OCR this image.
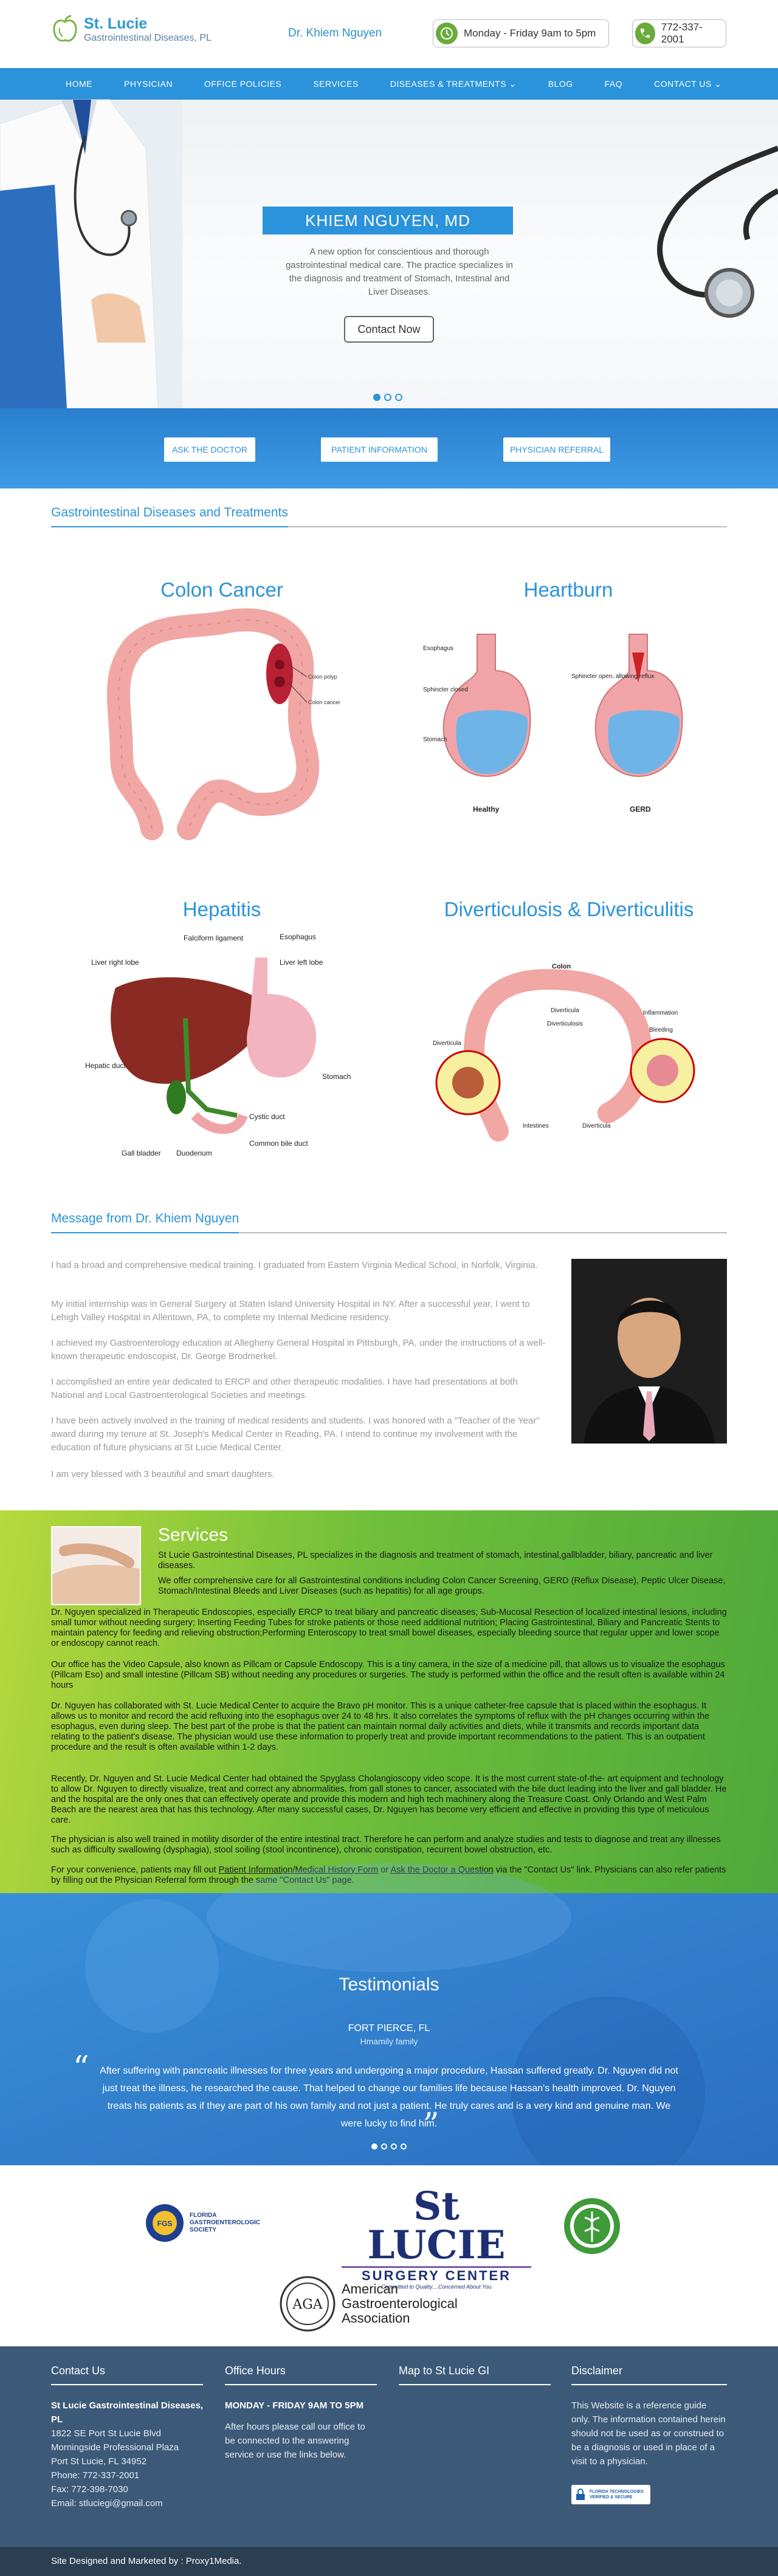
St. Lucie
Gastrointestinal Diseases, PL	Dr. Khiem Nguyen	Monday - Friday 9am to 5pm
772-337-2001
HOME	PHYSICIAN	OFFICE POLICIES	SERVICES	DISEASES & TREATMENTS ⌄	BLOG	FAQ	CONTACT US ⌄
KHIEM NGUYEN, MD
A new option for conscientious and thorough gastrointestinal medical care. The practice specializes in the diagnosis and treatment of Stomach, Intestinal and Liver Diseases.
Contact Now
ASK THE DOCTOR	PATIENT INFORMATION	PHYSICIAN REFERRAL
Gastrointestinal Diseases and Treatments
Colon Cancer
Colon polyp
Colon cancer
Heartburn
Esophagus
Sphincter closed
Stomach
Healthy
Sphincter open, allowing reflux
GERD
Hepatitis
Falciform ligament	Esophagus
Liver right lobe	Liver left lobe
Hepatic duct
Stomach
Cystic duct
Gall bladder Duodenum
Common bile duct
Diverticulosis & Diverticulitis
Colon
Diverticula
Diverticulosis
Inflammation
Bleeding
Diverticula
Intestines	Diverticula
Message from Dr. Khiem Nguyen

I had a broad and comprehensive medical training. I graduated from Eastern Virginia Medical School, in Norfolk, Virginia.

My initial internship was in General Surgery at Staten Island University Hospital in NY. After a successful year, I went to Lehigh Valley Hospital in Allentown, PA, to complete my Internal Medicine residency.

I achieved my Gastroenterology education at Allegheny General Hospital in Pittsburgh, PA, under the instructions of a well-known therapeutic endoscopist, Dr. George Brodmerkel.

I accomplished an entire year dedicated to ERCP and other therapeutic modalities. I have had presentations at both National and Local Gastroenterological Societies and meetings.

I have been actively involved in the training of medical residents and students. I was honored with a "Teacher of the Year" award during my tenure at St. Joseph's Medical Center in Reading, PA. I intend to continue my involvement with the education of future physicians at St Lucie Medical Center.

I am very blessed with 3 beautiful and smart daughters.

Services

St Lucie Gastrointestinal Diseases, PL specializes in the diagnosis and treatment of stomach, intestinal,gallbladder, biliary, pancreatic and liver diseases.

We offer comprehensive care for all Gastrointestinal conditions including Colon Cancer Screening, GERD (Reflux Disease), Peptic Ulcer Disease, Stomach/Intestinal Bleeds and Liver Diseases (such as hepatitis) for all age groups.

Dr. Nguyen specialized in Therapeutic Endoscopies, especially ERCP to treat biliary and pancreatic diseases; Sub-Mucosal Resection of localized intestinal lesions, including small tumor without needing surgery; Inserting Feeding Tubes for stroke patients or those need additional nutrition; Placing Gastrointestinal, Biliary and Pancreatic Stents to maintain patency for feeding and relieving obstruction;Performing Enteroscopy to treat small bowel diseases, especially bleeding source that regular upper and lower scope or endoscopy cannot reach.

Our office has the Video Capsule, also known as Pillcam or Capsule Endoscopy. This is a tiny camera, in the size of a medicine pill, that allows us to visualize the esophagus (Pillcam Eso) and small intestine (Pillcam SB) without needing any procedures or surgeries. The study is performed within the office and the result often is available within 24 hours

Dr. Nguyen has collaborated with St. Lucie Medical Center to acquire the Bravo pH monitor. This is a unique catheter-free capsule that is placed within the esophagus. It allows us to monitor and record the acid refluxing into the esophagus over 24 to 48 hrs. It also correlates the symptoms of reflux with the pH changes occurring within the esophagus, even during sleep. The best part of the probe is that the patient can maintain normal daily activities and diets, while it transmits and records important data relating to the patient's disease. The physician would use these information to properly treat and provide important recommendations to the patient. This is an outpatient procedure and the result is often available within 1-2 days.

Recently, Dr. Nguyen and St. Lucie Medical Center had obtained the Spyglass Cholangioscopy video scope. It is the most current state-of-the- art equipment and technology to allow Dr. Nguyen to directly visualize, treat and correct any abnormalities, from gall stones to cancer, associated with the bile duct leading into the liver and gall bladder. He and the hospital are the only ones that can effectively operate and provide this modern and high tech machinery along the Treasure Coast. Only Orlando and West Palm Beach are the nearest area that has this technology. After many successful cases, Dr. Nguyen has become very efficient and effective in providing this type of meticulous care.

The physician is also well trained in motility disorder of the entire intestinal tract. Therefore he can perform and analyze studies and tests to diagnose and treat any illnesses such as difficulty swallowing (dysphagia), stool soiling (stool incontinence), chronic constipation, recurrent bowel obstruction, etc.

For your convenience, patients may fill out Patient Information/Medical History Form or Ask the Doctor a Question via the "Contact Us" link. Physicians can also refer patients by filling out the Physician Referral form through the same "Contact Us" page.

Testimonials
FORT PIERCE, FL
Hmamily family
“ After suffering with pancreatic illnesses for three years and undergoing a major procedure, Hassan suffered greatly. Dr. Nguyen did not just treat the illness, he researched the cause. That helped to change our families life because Hassan's health improved. Dr. Nguyen treats his patients as if they are part of his own family and not just a patient. He truly cares and is a very kind and genuine man. We were lucky to find him.
”
FGS
FLORIDA
GASTROENTEROLOGIC
SOCIETY
St LUCIE
SURGERY CENTER
Committed to Quality....Concerned About You
AGA
American
Gastroenterological
Association
Contact Us
St Lucie Gastrointestinal Diseases, PL
1822 SE Port St Lucie Blvd
Morningside Professional Plaza
Port St Lucie, FL 34952
Phone: 772-337-2001
Fax: 772-398-7030
Email: stluciegi@gmail.com
Office Hours
MONDAY - FRIDAY 9AM TO 5PM
After hours please call our office to be connected to the answering service or use the links below.
Map to St Lucie GI	Disclaimer
This Website is a reference guide only. The information contained herein should not be used as or construed to be a diagnosis or used in place of a visit to a physician.
FLORIDA TECHNOLOGIES
VERIFIED & SECURE
Site Designed and Marketed by : Proxy1Media.
